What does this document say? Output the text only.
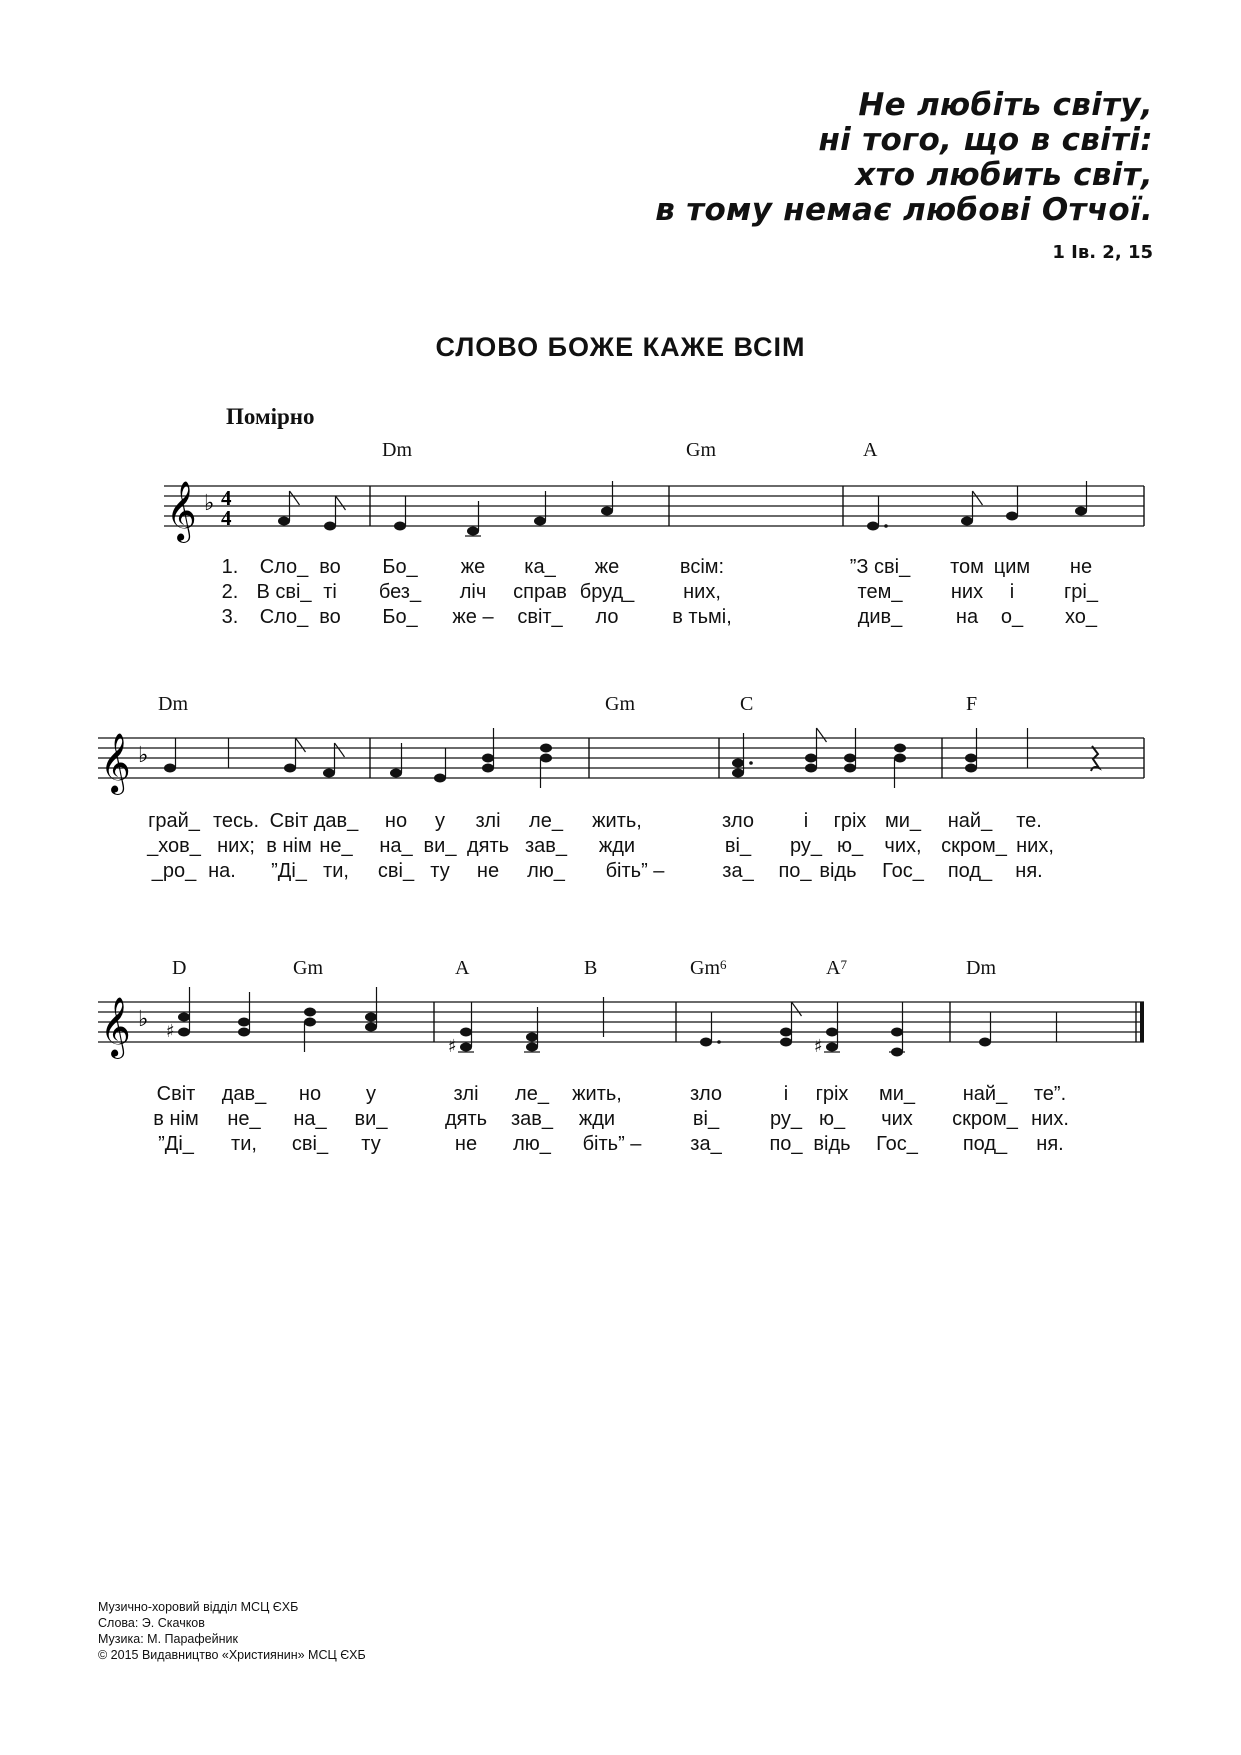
Не любіть світу,
ні того, що в світі:
хто любить світ,
в тому немає любові Отчої.
1 Ів. 2, 15
СЛОВО БОЖЕ КАЖЕ ВСІМ
Помірно
Dm	Gm	A
𝄞 ♭ 4
4
1. Сло_ во Бо_ же ка_ же	всім:	”З сві_ том цим не
2. В сві_ ті без_ ліч справ бруд_ них,	тем_ них і грі_
3. Сло_ во Бо_ же – світ_ ло	в тьмі,	див_	на о_ хо_
Dm	Gm	C	F
𝄞 ♭
грай_ тесь. Світ дав_ но у злі ле_ жить,	зло і гріх ми_ най_ те.
_хов_ них; в нім не_ на_ ви_ дять зав_ жди	ві_ ру_ ю_ чих, скром_ них,
_ро_ на. ”Ді_ ти, сві_ ту не лю_ біть” –	за_ по_ відь Гос_ под_ ня.
D	Gm	A	B	Gm$^6$	$A^7$	Dm
𝄞 ♭ ♯
♯	♯
Світ дав_ но у	злі ле_ жить,	зло	і гріх ми_ най_ те”.
в нім не_ на_ ви_	дять зав_ жди	ві_	ру_ ю_ чих скром_ них.
”Ді_ ти, сві_ ту	не лю_ біть” – за_ по_ відь Гос_ под_ ня.
Музично-хоровий відділ МСЦ ЄХБ
Слова: Э. Скачков
Музика: М. Парафейник
© 2015 Видавництво «Християнин» МСЦ ЄХБ
